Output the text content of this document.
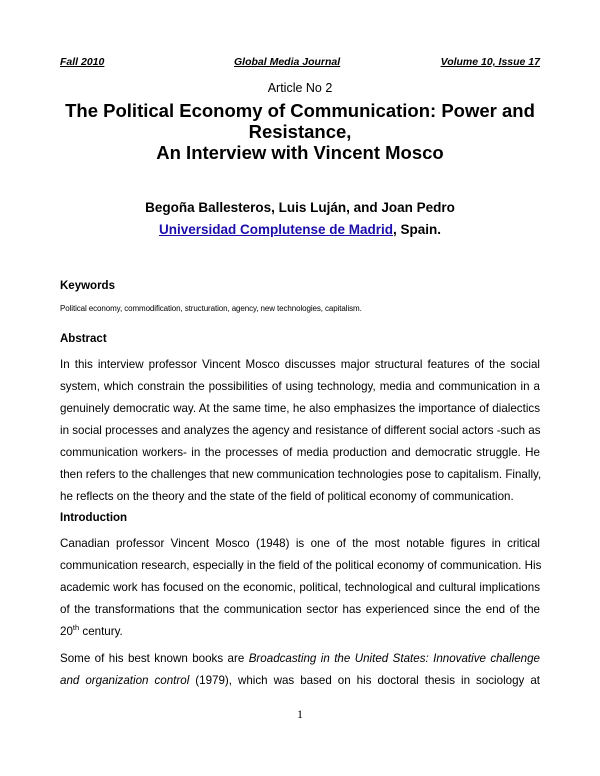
Fall 2010	Global Media Journal	Volume 10, Issue 17
Article No 2
The Political Economy of Communication: Power and
Resistance,
An Interview with Vincent Mosco
Begoña Ballesteros, Luis Luján, and Joan Pedro
Universidad Complutense de Madrid, Spain.
Keywords
Political economy, commodification, structuration, agency, new technologies, capitalism.
Abstract
In this interview professor Vincent Mosco discusses major structural features of the social
system, which constrain the possibilities of using technology, media and communication in a
genuinely democratic way. At the same time, he also emphasizes the importance of dialectics
in social processes and analyzes the agency and resistance of different social actors -such as
communication workers- in the processes of media production and democratic struggle. He
then refers to the challenges that new communication technologies pose to capitalism. Finally,
he reflects on the theory and the state of the field of political economy of communication.
Introduction
Canadian professor Vincent Mosco (1948) is one of the most notable figures in critical
communication research, especially in the field of the political economy of communication. His
academic work has focused on the economic, political, technological and cultural implications
of the transformations that the communication sector has experienced since the end of the
20th century.
Some of his best known books are Broadcasting in the United States: Innovative challenge
and organization control (1979), which was based on his doctoral thesis in sociology at
1
